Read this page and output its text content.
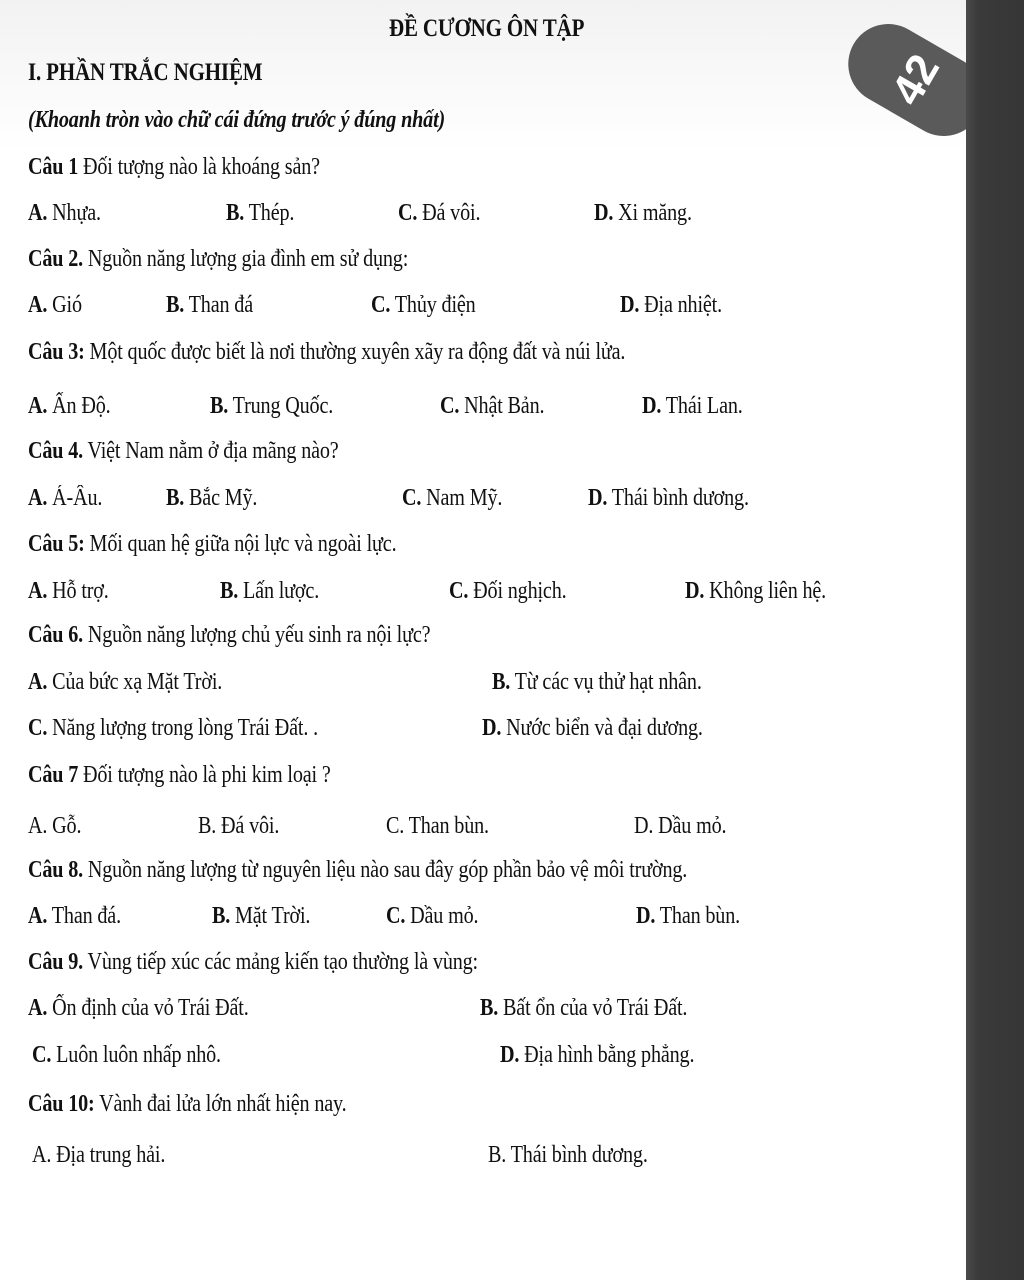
ĐỀ CƯƠNG ÔN TẬP
I. PHẦN TRẮC NGHIỆM
(Khoanh tròn vào chữ cái đứng trước ý đúng nhất)
Câu 1 Đối tượng nào là khoáng sản?
A. Nhựa.	B. Thép.	C. Đá vôi.	D. Xi măng.
Câu 2. Nguồn năng lượng gia đình em sử dụng:
A. Gió	B. Than đá	C. Thủy điện	D. Địa nhiệt.
Câu 3: Một quốc được biết là nơi thường xuyên xãy ra động đất và núi lửa.
A. Ấn Độ.	B. Trung Quốc.	C. Nhật Bản.	D. Thái Lan.
Câu 4. Việt Nam nằm ở địa mãng nào?
A. Á-Âu.	B. Bắc Mỹ.	C. Nam Mỹ.	D. Thái bình dương.
Câu 5: Mối quan hệ giữa nội lực và ngoài lực.
A. Hỗ trợ.	B. Lấn lược.	C. Đối nghịch.	D. Không liên hệ.
Câu 6. Nguồn năng lượng chủ yếu sinh ra nội lực?
A. Của bức xạ Mặt Trời.	B. Từ các vụ thử hạt nhân.
C. Năng lượng trong lòng Trái Đất. .	D. Nước biển và đại dương.
Câu 7 Đối tượng nào là phi kim loại ?
A. Gỗ.	B. Đá vôi.	C. Than bùn.	D. Dầu mỏ.
Câu 8. Nguồn năng lượng từ nguyên liệu nào sau đây góp phần bảo vệ môi trường.
A. Than đá.	B. Mặt Trời.	C. Dầu mỏ.	D. Than bùn.
Câu 9. Vùng tiếp xúc các mảng kiến tạo thường là vùng:
A. Ổn định của vỏ Trái Đất.	B. Bất ổn của vỏ Trái Đất.
C. Luôn luôn nhấp nhô.	D. Địa hình bằng phẳng.
Câu 10: Vành đai lửa lớn nhất hiện nay.
A. Địa trung hải.	B. Thái bình dương.
42
